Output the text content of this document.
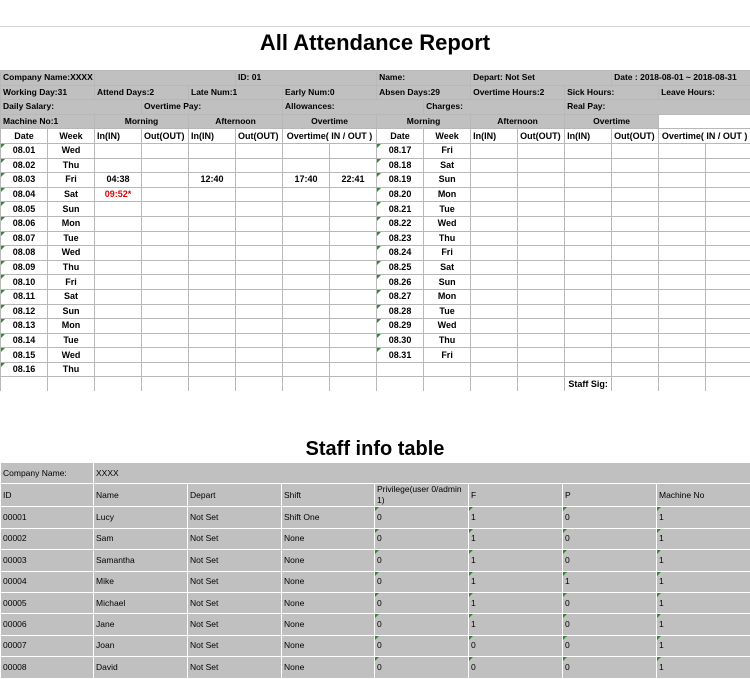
All Attendance Report
Company Name:XXXX					ID: 01			Name:		Depart: Not Set			Date : 2018-08-01 ~ 2018-08-31			
Working Day:31		Attend Days:2		Late Num:1		Early Num:0		Absen Days:29		Overtime Hours:2		Sick Hours:		Leave Hours:		
Daily Salary:			Overtime Pay:			Allowances:			Charges:			Real Pay:				
Machine No:1		Morning		Afternoon		Overtime		Morning		Afternoon		Overtime				
Date	Week	In(IN)	Out(OUT)	In(IN)	Out(OUT)	Overtime( IN / OUT )		Date	Week	In(IN)	Out(OUT)	In(IN)	Out(OUT)	Overtime( IN / OUT )		
08.01	Wed							08.17	Fri							
08.02	Thu							08.18	Sat							
08.03	Fri	04:38		12:40		17:40	22:41	08.19	Sun							
08.04	Sat	09:52*						08.20	Mon							
08.05	Sun							08.21	Tue							
08.06	Mon							08.22	Wed							
08.07	Tue							08.23	Thu							
08.08	Wed							08.24	Fri							
08.09	Thu							08.25	Sat							
08.10	Fri							08.26	Sun							
08.11	Sat							08.27	Mon							
08.12	Sun							08.28	Tue							
08.13	Mon							08.29	Wed							
08.14	Tue							08.30	Thu							
08.15	Wed							08.31	Fri							
08.16	Thu															
												Staff Sig:				
Staff info table
Company Name:	XXXX						
ID	Name	Depart	Shift	Privilege(user 0/admin 1)	F	P	Machine No
00001	Lucy	Not Set	Shift One	0	1	0	1
00002	Sam	Not Set	None	0	1	0	1
00003	Samantha	Not Set	None	0	1	0	1
00004	Mike	Not Set	None	0	1	1	1
00005	Michael	Not Set	None	0	1	0	1
00006	Jane	Not Set	None	0	1	0	1
00007	Joan	Not Set	None	0	0	0	1
00008	David	Not Set	None	0	0	0	1
